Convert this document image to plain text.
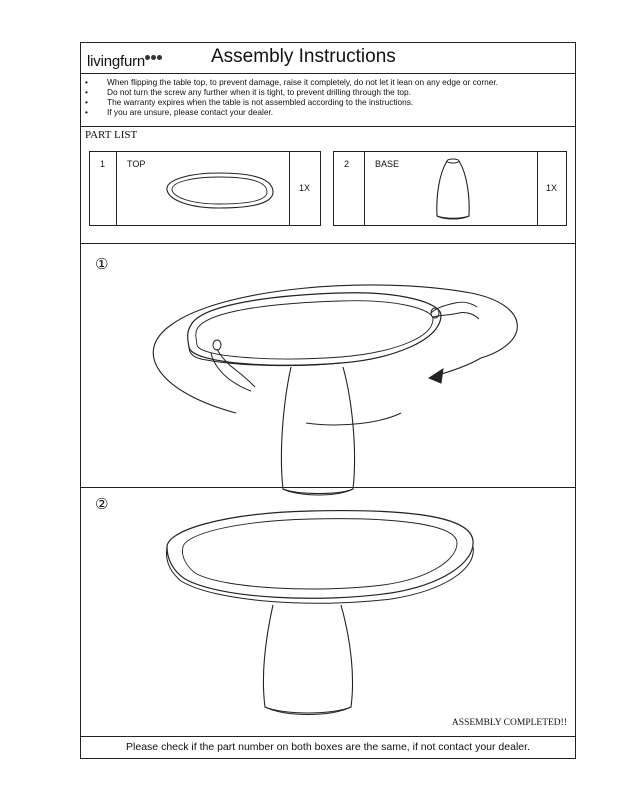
livingfurn	Assembly Instructions
• When flipping the table top, to prevent damage, raise it completely, do not let it lean on any edge or corner.
• Do not turn the screw any further when it is tight, to prevent drilling through the top.
• The warranty expires when the table is not assembled according to the instructions.
• If you are unsure, please contact your dealer.
PART LIST
1 TOP
1X
2	BASE
1X
①
②
ASSEMBLY COMPLETED!!
Please check if the part number on both boxes are the same, if not contact your dealer.
